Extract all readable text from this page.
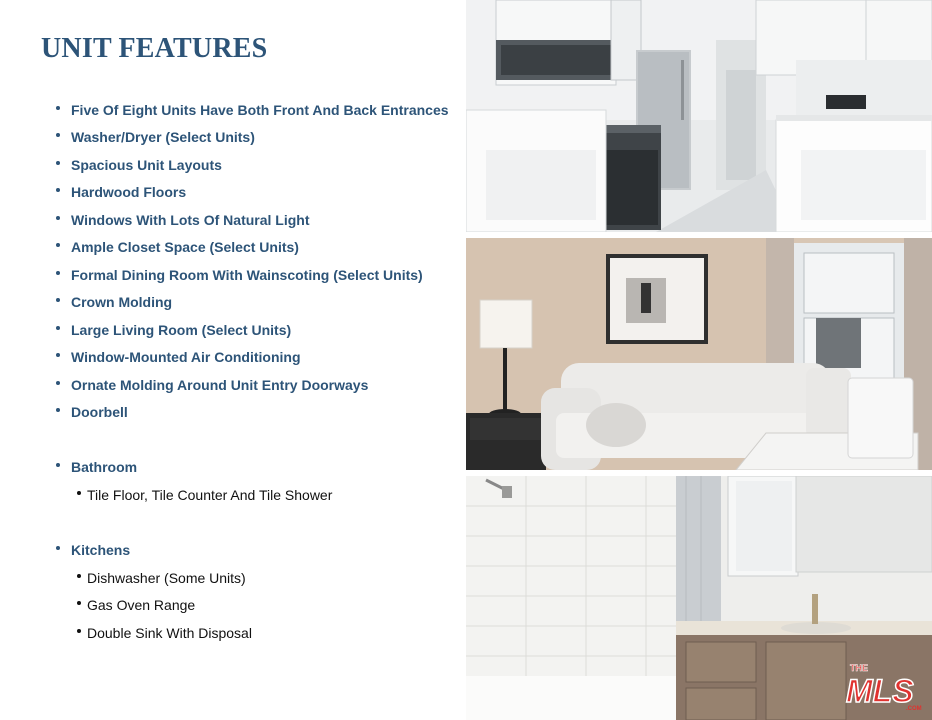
UNIT FEATURES
Five Of Eight Units Have Both Front And Back Entrances
Washer/Dryer (Select Units)
Spacious Unit Layouts
Hardwood Floors
Windows With Lots Of Natural Light
Ample Closet Space (Select Units)
Formal Dining Room With Wainscoting (Select Units)
Crown Molding
Large Living Room (Select Units)
Window-Mounted Air Conditioning
Ornate Molding Around Unit Entry Doorways
Doorbell
Bathroom
Tile Floor, Tile Counter And Tile Shower
Kitchens
Dishwasher (Some Units)
Gas Oven Range
Double Sink With Disposal
THE
MLS
.COM
